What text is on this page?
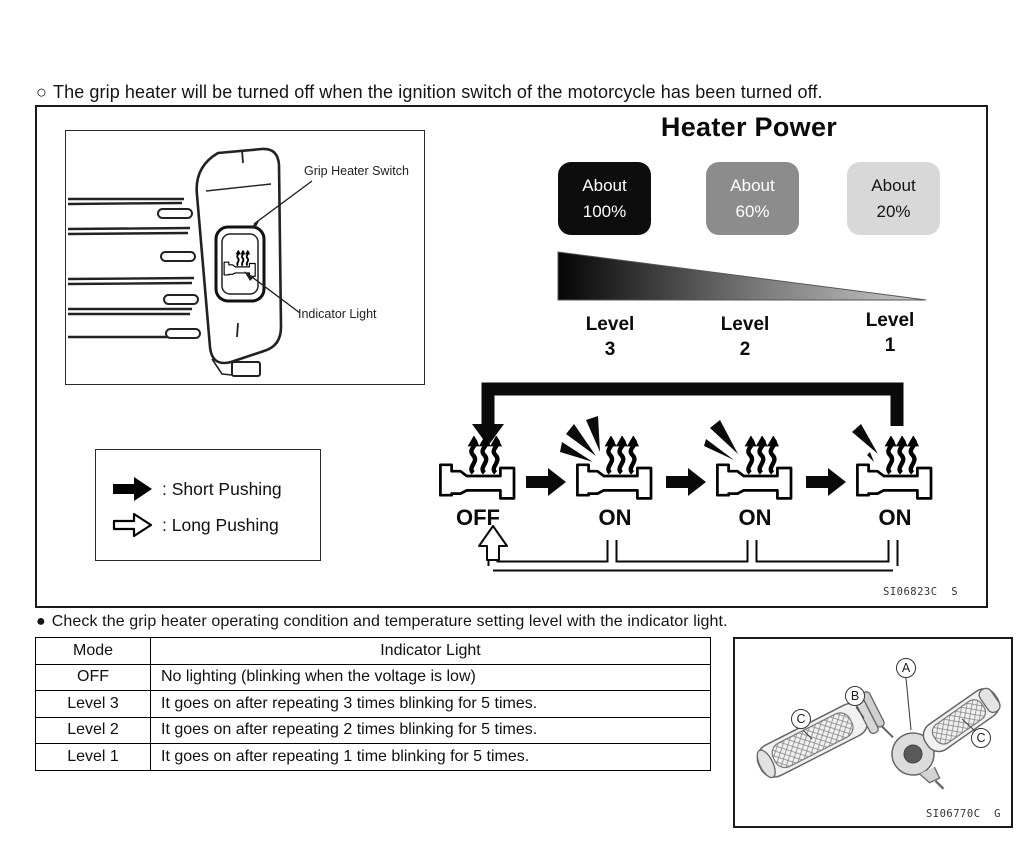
○ The grip heater will be turned off when the ignition switch of the motorcycle has been turned off.
Grip Heater Switch
Indicator Light
: Short Pushing
: Long Pushing
Heater Power
About
100%
About
60%
About
20%
Level
3
Level
2
Level
1
OFF	ON	ON	ON
SI06823C  S
● Check the grip heater operating condition and temperature setting level with the indicator light.
Mode	Indicator Light
OFF	No lighting (blinking when the voltage is low)
Level 3	It goes on after repeating 3 times blinking for 5 times.
Level 2	It goes on after repeating 2 times blinking for 5 times.
Level 1	It goes on after repeating 1 time blinking for 5 times.
A
B
C
C
SI06770C  G
